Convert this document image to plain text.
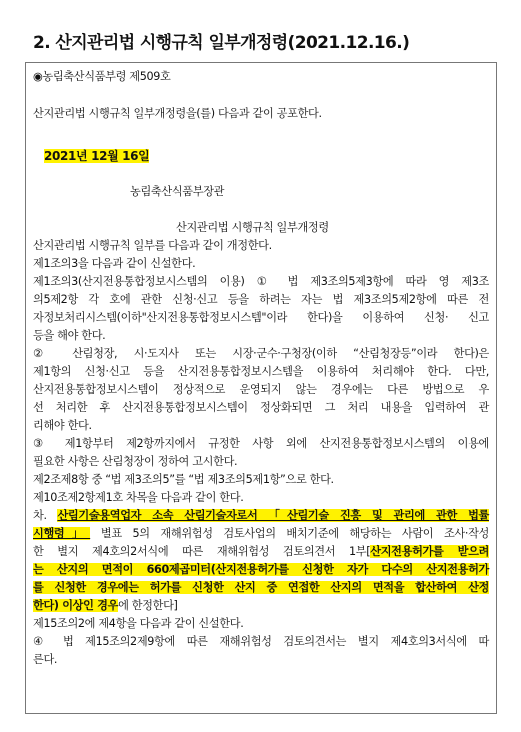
2. 산지관리법 시행규칙 일부개정령(2021.12.16.)
◉농림축산식품부령 제509호
산지관리법 시행규칙 일부개정령을(를) 다음과 같이 공포한다.
2021년 12월 16일
농림축산식품부장관
산지관리법 시행규칙 일부개정령
산지관리법 시행규칙 일부를 다음과 같이 개정한다.
제1조의3을 다음과 같이 신설한다.
제1조의3(산지전용통합정보시스템의 이용) ① 법 제3조의5제3항에 따라 영 제3조
의5제2항 각 호에 관한 신청·신고 등을 하려는 자는 법 제3조의5제2항에 따른 전
자정보처리시스템(이하"산지전용통합정보시스템"이라 한다)을 이용하여 신청· 신고
등을 해야 한다.
② 산림청장, 시·도지사 또는 시장·군수·구청장(이하 “산림청장등”이라 한다)은
제1항의 신청·신고 등을 산지전용통합정보시스템을 이용하여 처리해야 한다. 다만,
산지전용통합정보시스템이 정상적으로 운영되지 않는 경우에는 다른 방법으로 우
선 처리한 후 산지전용통합정보시스템이 정상화되면 그 처리 내용을 입력하여 관
리해야 한다.
③ 제1항부터 제2항까지에서 규정한 사항 외에 산지전용통합정보시스템의 이용에
필요한 사항은 산림청장이 정하여 고시한다.
제2조제8항 중 “법 제3조의5”를 “법 제3조의5제1항”으로 한다.
제10조제2항제1호 차목을 다음과 같이 한다.
차. 산림기술용역업자 소속 산림기술자로서 「산림기술 진흥 및 관리에 관한 법률
시행령」 별표 5의 재해위험성 검토사업의 배치기준에 해당하는 사람이 조사·작성
한 별지 제4호의2서식에 따른 재해위험성 검토의견서 1부[산지전용허가를 받으려
는 산지의 면적이 660제곱미터(산지전용허가를 신청한 자가 다수의 산지전용허가
를 신청한 경우에는 허가를 신청한 산지 중 연접한 산지의 면적을 합산하여 산정
한다) 이상인 경우에 한정한다]
제15조의2에 제4항을 다음과 같이 신설한다.
④ 법 제15조의2제9항에 따른 재해위험성 검토의견서는 별지 제4호의3서식에 따
른다.
